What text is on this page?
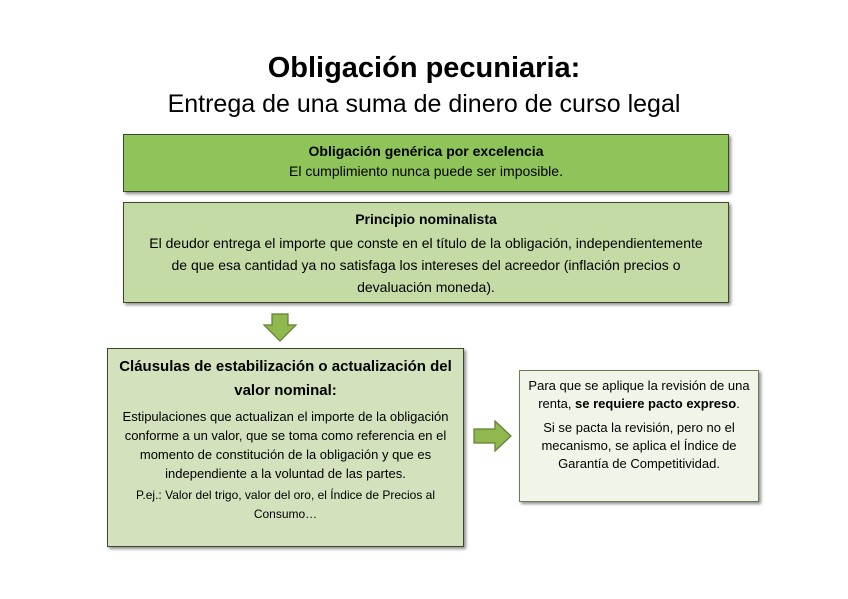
Obligación pecuniaria:
Entrega de una suma de dinero de curso legal
Obligación genérica por excelencia
El cumplimiento nunca puede ser imposible.
Principio nominalista
El deudor entrega el importe que conste en el título de la obligación, independientemente de que esa cantidad ya no satisfaga los intereses del acreedor (inflación precios o devaluación moneda).
Cláusulas de estabilización o actualización del valor nominal:
Estipulaciones que actualizan el importe de la obligación conforme a un valor, que se toma como referencia en el momento de constitución de la obligación y que es independiente a la voluntad de las partes.
P.ej.: Valor del trigo, valor del oro, el Índice de Precios al Consumo…
Para que se aplique la revisión de una renta, se requiere pacto expreso.
Si se pacta la revisión, pero no el mecanismo, se aplica el Índice de Garantía de Competitividad.
